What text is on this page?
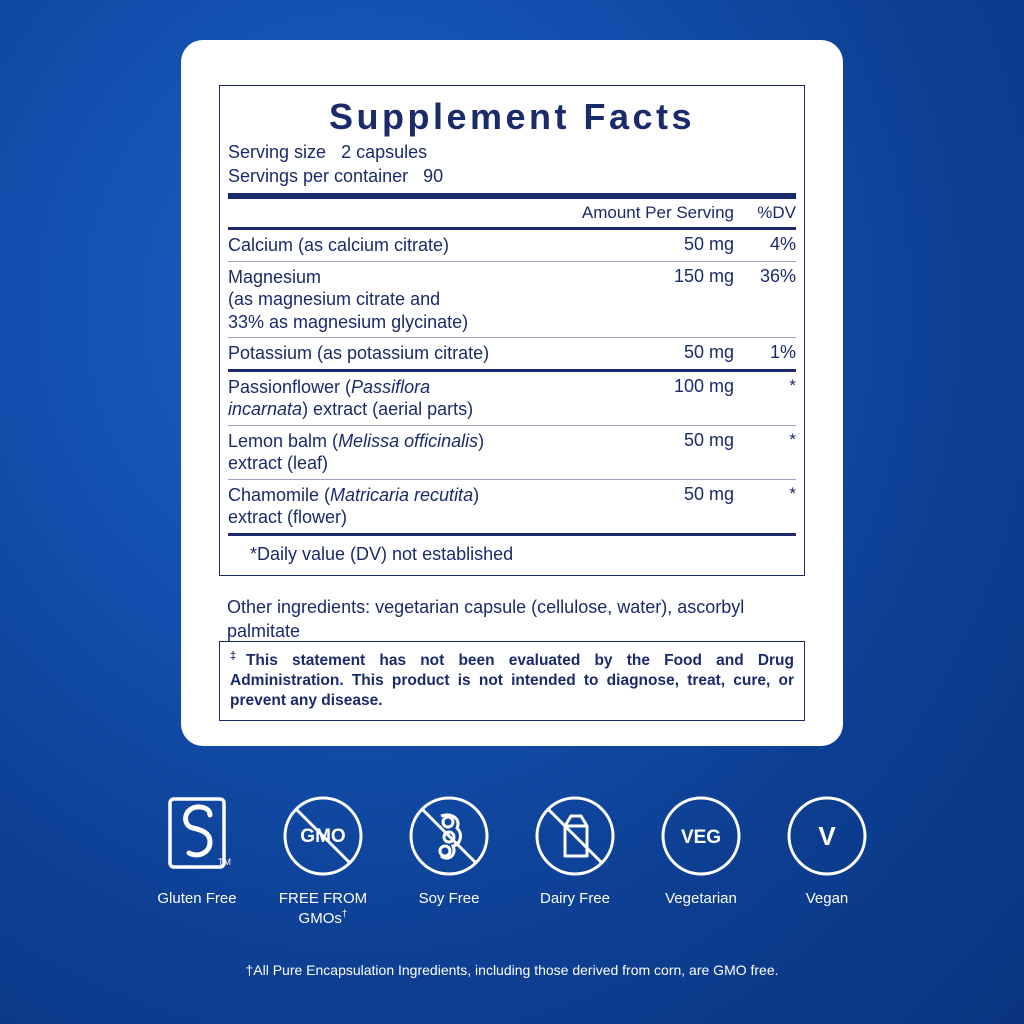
Supplement Facts
Serving size 2 capsules
Servings per container 90
	Amount Per Serving	%DV
Calcium (as calcium citrate)	50 mg	4%
Magnesium
(as magnesium citrate and
33% as magnesium glycinate)	150 mg	36%
Potassium (as potassium citrate)	50 mg	1%
Passionflower (Passiflora
incarnata) extract (aerial parts)	100 mg	*
Lemon balm (Melissa officinalis)
extract (leaf)	50 mg	*
Chamomile (Matricaria recutita)
extract (flower)	50 mg	*
*Daily value (DV) not established
Other ingredients: vegetarian capsule (cellulose, water), ascorbyl palmitate
‡This statement has not been evaluated by the Food and Drug Administration. This product is not intended to diagnose, treat, cure, or prevent any disease.
TM
Gluten Free
GMO
FREE FROM
GMOs†
Soy Free	Dairy Free
VEG
Vegetarian
V
Vegan
†All Pure Encapsulation Ingredients, including those derived from corn, are GMO free.
